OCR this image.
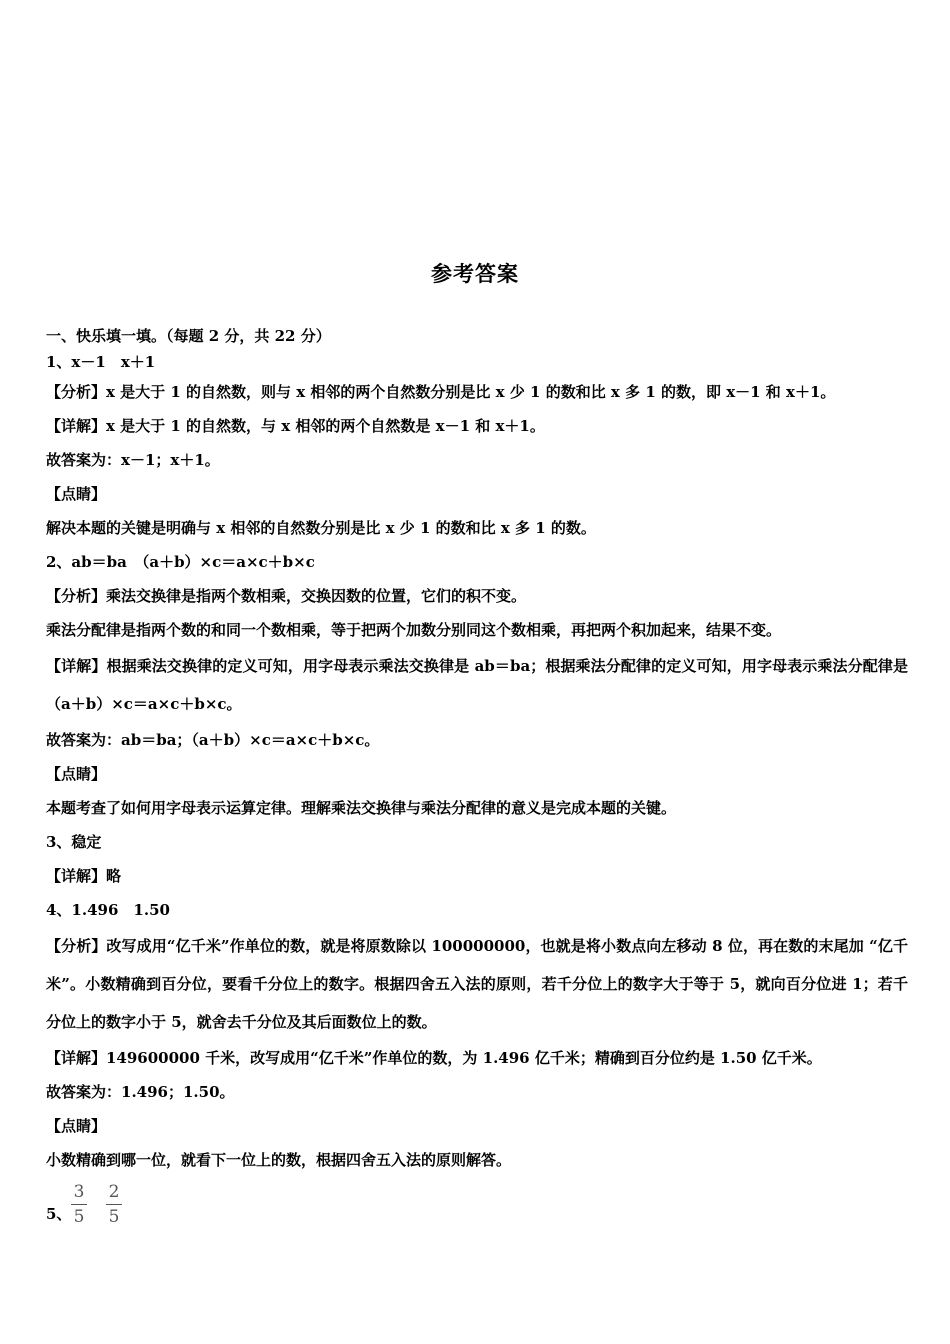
参考答案
一、快乐填一填。（每题 2 分，共 22 分）
1、x－1　x＋1
【分析】x 是大于 1 的自然数，则与 x 相邻的两个自然数分别是比 x 少 1 的数和比 x 多 1 的数，即 x－1 和 x＋1。
【详解】x 是大于 1 的自然数，与 x 相邻的两个自然数是 x－1 和 x＋1。
故答案为：x－1；x＋1。
【点睛】
解决本题的关键是明确与 x 相邻的自然数分别是比 x 少 1 的数和比 x 多 1 的数。
2、ab＝ba　（a＋b）×c＝a×c＋b×c
【分析】乘法交换律是指两个数相乘，交换因数的位置，它们的积不变。
乘法分配律是指两个数的和同一个数相乘，等于把两个加数分别同这个数相乘，再把两个积加起来，结果不变。
【详解】根据乘法交换律的定义可知，用字母表示乘法交换律是 ab＝ba；根据乘法分配律的定义可知，用字母表示乘法分配律是（a＋b）×c＝a×c＋b×c。
故答案为：ab＝ba；（a＋b）×c＝a×c＋b×c。
【点睛】
本题考查了如何用字母表示运算定律。理解乘法交换律与乘法分配律的意义是完成本题的关键。
3、稳定
【详解】略
4、1.496　1.50
【分析】改写成用“亿千米”作单位的数，就是将原数除以 100000000，也就是将小数点向左移动 8 位，再在数的末尾加 “亿千米”。小数精确到百分位，要看千分位上的数字。根据四舍五入法的原则，若千分位上的数字大于等于 5，就向百分位进 1；若千分位上的数字小于 5，就舍去千分位及其后面数位上的数。
【详解】149600000 千米，改写成用“亿千米”作单位的数，为 1.496 亿千米；精确到百分位约是 1.50 亿千米。
故答案为：1.496；1.50。
【点睛】
小数精确到哪一位，就看下一位上的数，根据四舍五入法的原则解答。
5、
3
5
2
5
